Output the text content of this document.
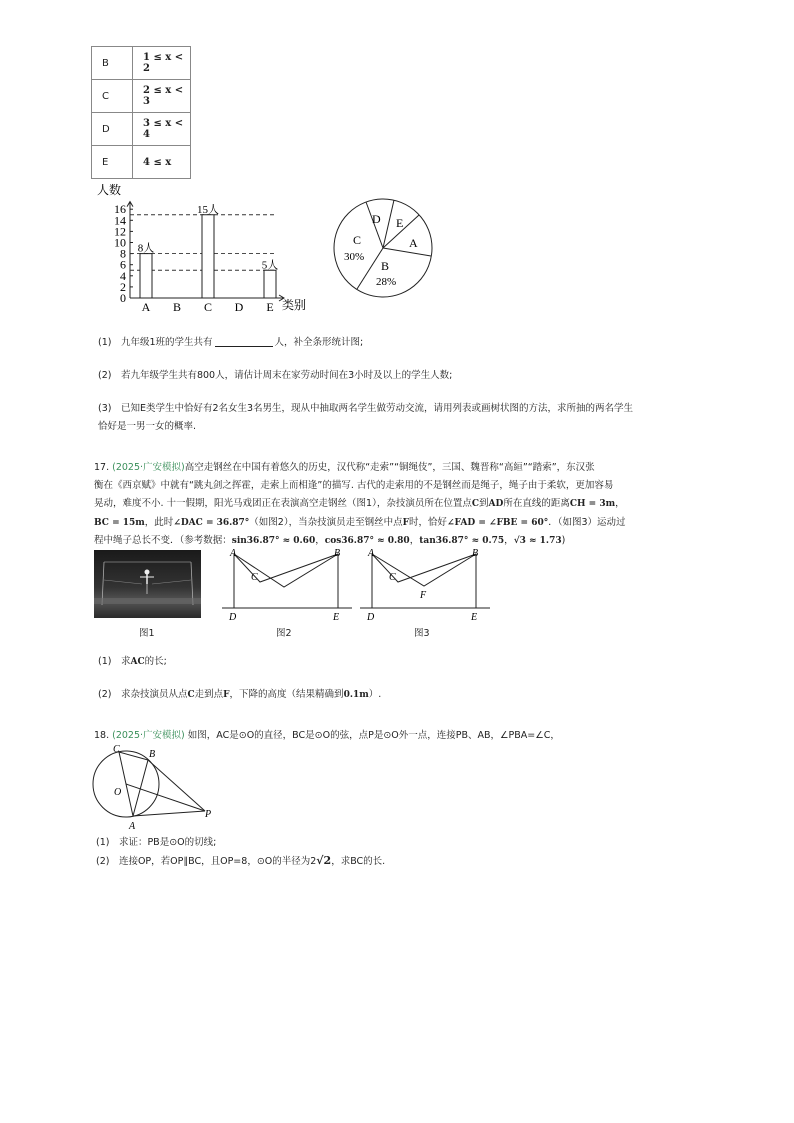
B	1 ≤ x < 2
C	2 ≤ x < 3
D	3 ≤ x < 4
E	4 ≤ x
0
2
4
6
8
10
12
14
16
A
8人
B C
15人
D E
5人
人数
类别
D E
A
B
28%
C
30%
(1)　九年级1班的学生共有	人，补全条形统计图;
(2)　若九年级学生共有800人，请估计周末在家劳动时间在3小时及以上的学生人数;
(3)　已知E类学生中恰好有2名女生3名男生，现从中抽取两名学生做劳动交流，请用列表或画树状图的方法，求所抽的两名学生
恰好是一男一女的概率.
17. (2025·广安模拟)高空走钢丝在中国有着悠久的历史，汉代称“走索”“铜绳伎”，三国、魏晋称“高絙”“踏索”，东汉张
衡在《西京赋》中就有“跳丸剑之挥霍，走索上而相逢”的描写. 古代的走索用的不是钢丝而是绳子，绳子由于柔软，更加容易
晃动，难度不小. 十一假期，阳光马戏团正在表演高空走钢丝（图1），杂技演员所在位置点C到AD所在直线的距离CH = 3m，
BC = 15m，此时∠DAC = 36.87°（如图2），当杂技演员走至钢丝中点F时，恰好∠FAD = ∠FBE = 60°．（如图3）运动过
程中绳子总长不变．（参考数据：sin36.87° ≈ 0.60，cos36.87° ≈ 0.80，tan36.87° ≈ 0.75，√3 ≈ 1.73)
图1
A	B
C
D	E
图2
A	B
C
F
D	E
图3
(1)　求AC的长;
(2)　求杂技演员从点C走到点F，下降的高度（结果精确到0.1m）.
18. (2025·广安模拟) 如图，AC是⊙O的直径，BC是⊙O的弦，点P是⊙O外一点，连接PB、AB，∠PBA=∠C，
C	B
O
A
P
(1)　求证：PB是⊙O的切线;
(2)　连接OP，若OP∥BC，且OP=8，⊙O的半径为2√2，求BC的长.
